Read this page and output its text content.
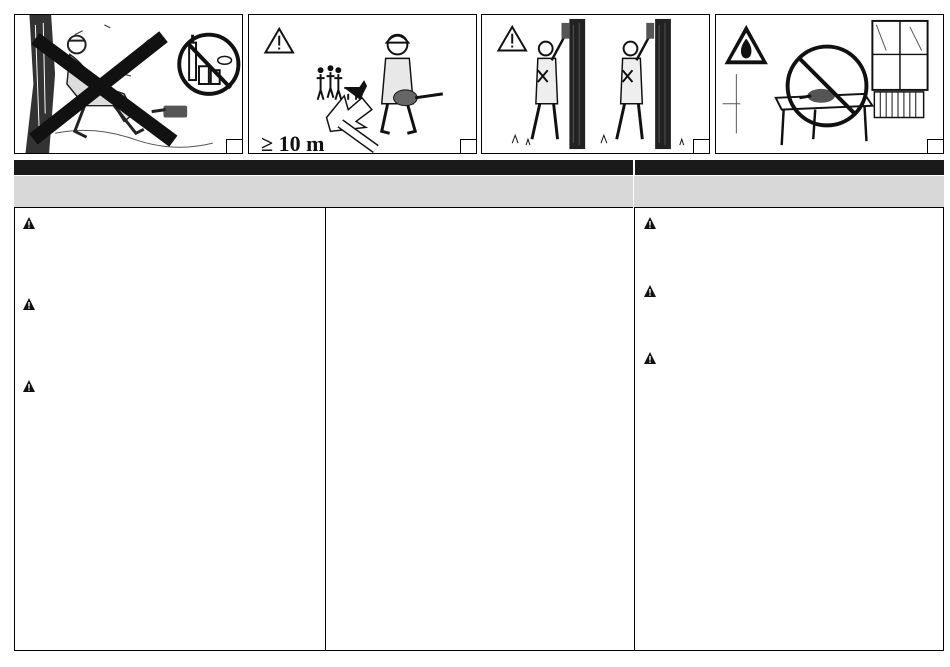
≥ 10 m
